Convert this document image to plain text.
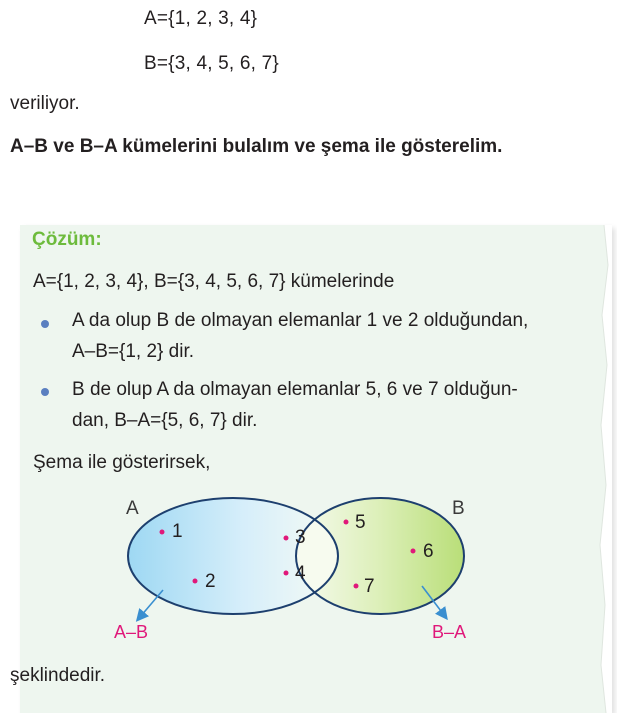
A={1, 2, 3, 4}
B={3, 4, 5, 6, 7}
veriliyor.
A–B ve B–A kümelerini bulalım ve şema ile gösterelim.
Çözüm:
A={1, 2, 3, 4}, B={3, 4, 5, 6, 7} kümelerinde
A da olup B de olmayan elemanlar 1 ve 2 olduğundan,
A–B={1, 2} dir.
B de olup A da olmayan elemanlar 5, 6 ve 7 olduğun-
dan, B–A={5, 6, 7} dir.
Şema ile gösterirsek,
şeklindedir.
A	B
1
2
3
4
5
6
7
A–B	B–A
